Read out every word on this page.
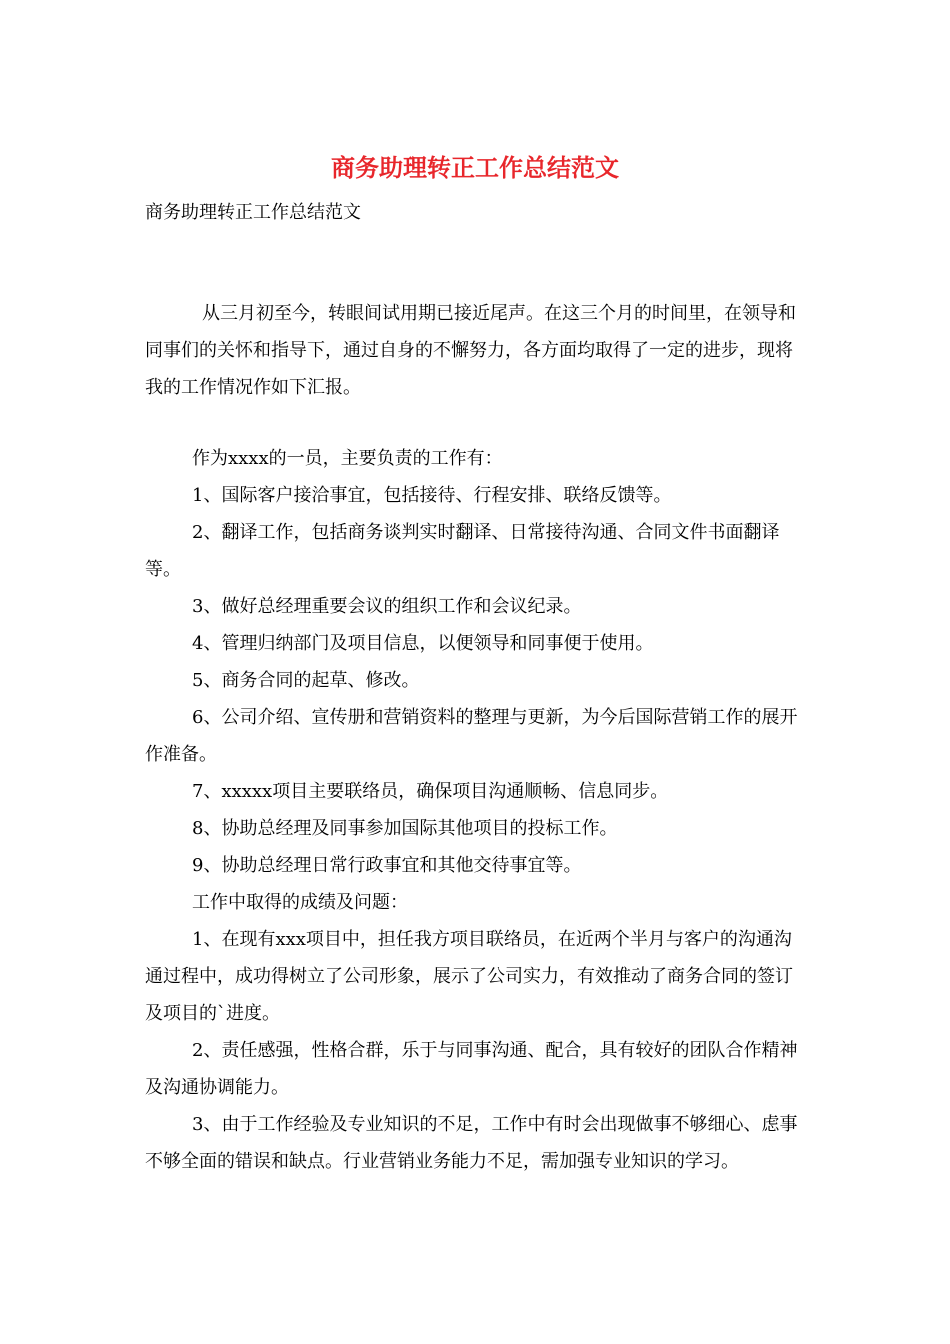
商务助理转正工作总结范文

商务助理转正工作总结范文

从三月初至今，转眼间试用期已接近尾声。在这三个月的时间里，在领导和同事们的关怀和指导下，通过自身的不懈努力，各方面均取得了一定的进步，现将我的工作情况作如下汇报。

作为xxxx的一员，主要负责的工作有：

1、国际客户接洽事宜，包括接待、行程安排、联络反馈等。

2、翻译工作，包括商务谈判实时翻译、日常接待沟通、合同文件书面翻译等。

3、做好总经理重要会议的组织工作和会议纪录。

4、管理归纳部门及项目信息，以便领导和同事便于使用。

5、商务合同的起草、修改。

6、公司介绍、宣传册和营销资料的整理与更新，为今后国际营销工作的展开作准备。

7、xxxxx项目主要联络员，确保项目沟通顺畅、信息同步。

8、协助总经理及同事参加国际其他项目的投标工作。

9、协助总经理日常行政事宜和其他交待事宜等。

工作中取得的成绩及问题：

1、在现有xxx项目中，担任我方项目联络员，在近两个半月与客户的沟通沟通过程中，成功得树立了公司形象，展示了公司实力，有效推动了商务合同的签订及项目的`进度。

2、责任感强，性格合群，乐于与同事沟通、配合，具有较好的团队合作精神及沟通协调能力。

3、由于工作经验及专业知识的不足，工作中有时会出现做事不够细心、虑事不够全面的错误和缺点。行业营销业务能力不足，需加强专业知识的学习。
